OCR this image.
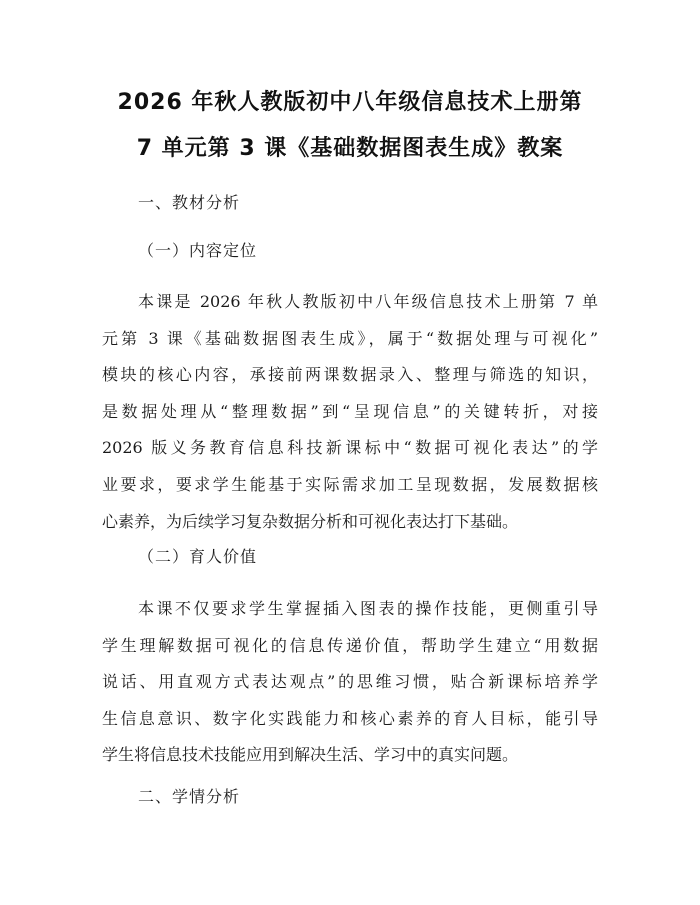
2026 年秋人教版初中八年级信息技术上册第
7 单元第 3 课《基础数据图表生成》教案
一、教材分析
（一）内容定位
本课是 2026 年秋人教版初中八年级信息技术上册第 7 单
元第 3 课《基础数据图表生成》，属于“数据处理与可视化”
模块的核心内容，承接前两课数据录入、整理与筛选的知识，
是数据处理从“整理数据”到“呈现信息”的关键转折，对接
2026 版义务教育信息科技新课标中“数据可视化表达”的学
业要求，要求学生能基于实际需求加工呈现数据，发展数据核
心素养，为后续学习复杂数据分析和可视化表达打下基础。
（二）育人价值
本课不仅要求学生掌握插入图表的操作技能，更侧重引导
学生理解数据可视化的信息传递价值，帮助学生建立“用数据
说话、用直观方式表达观点”的思维习惯，贴合新课标培养学
生信息意识、数字化实践能力和核心素养的育人目标，能引导
学生将信息技术技能应用到解决生活、学习中的真实问题。
二、学情分析
